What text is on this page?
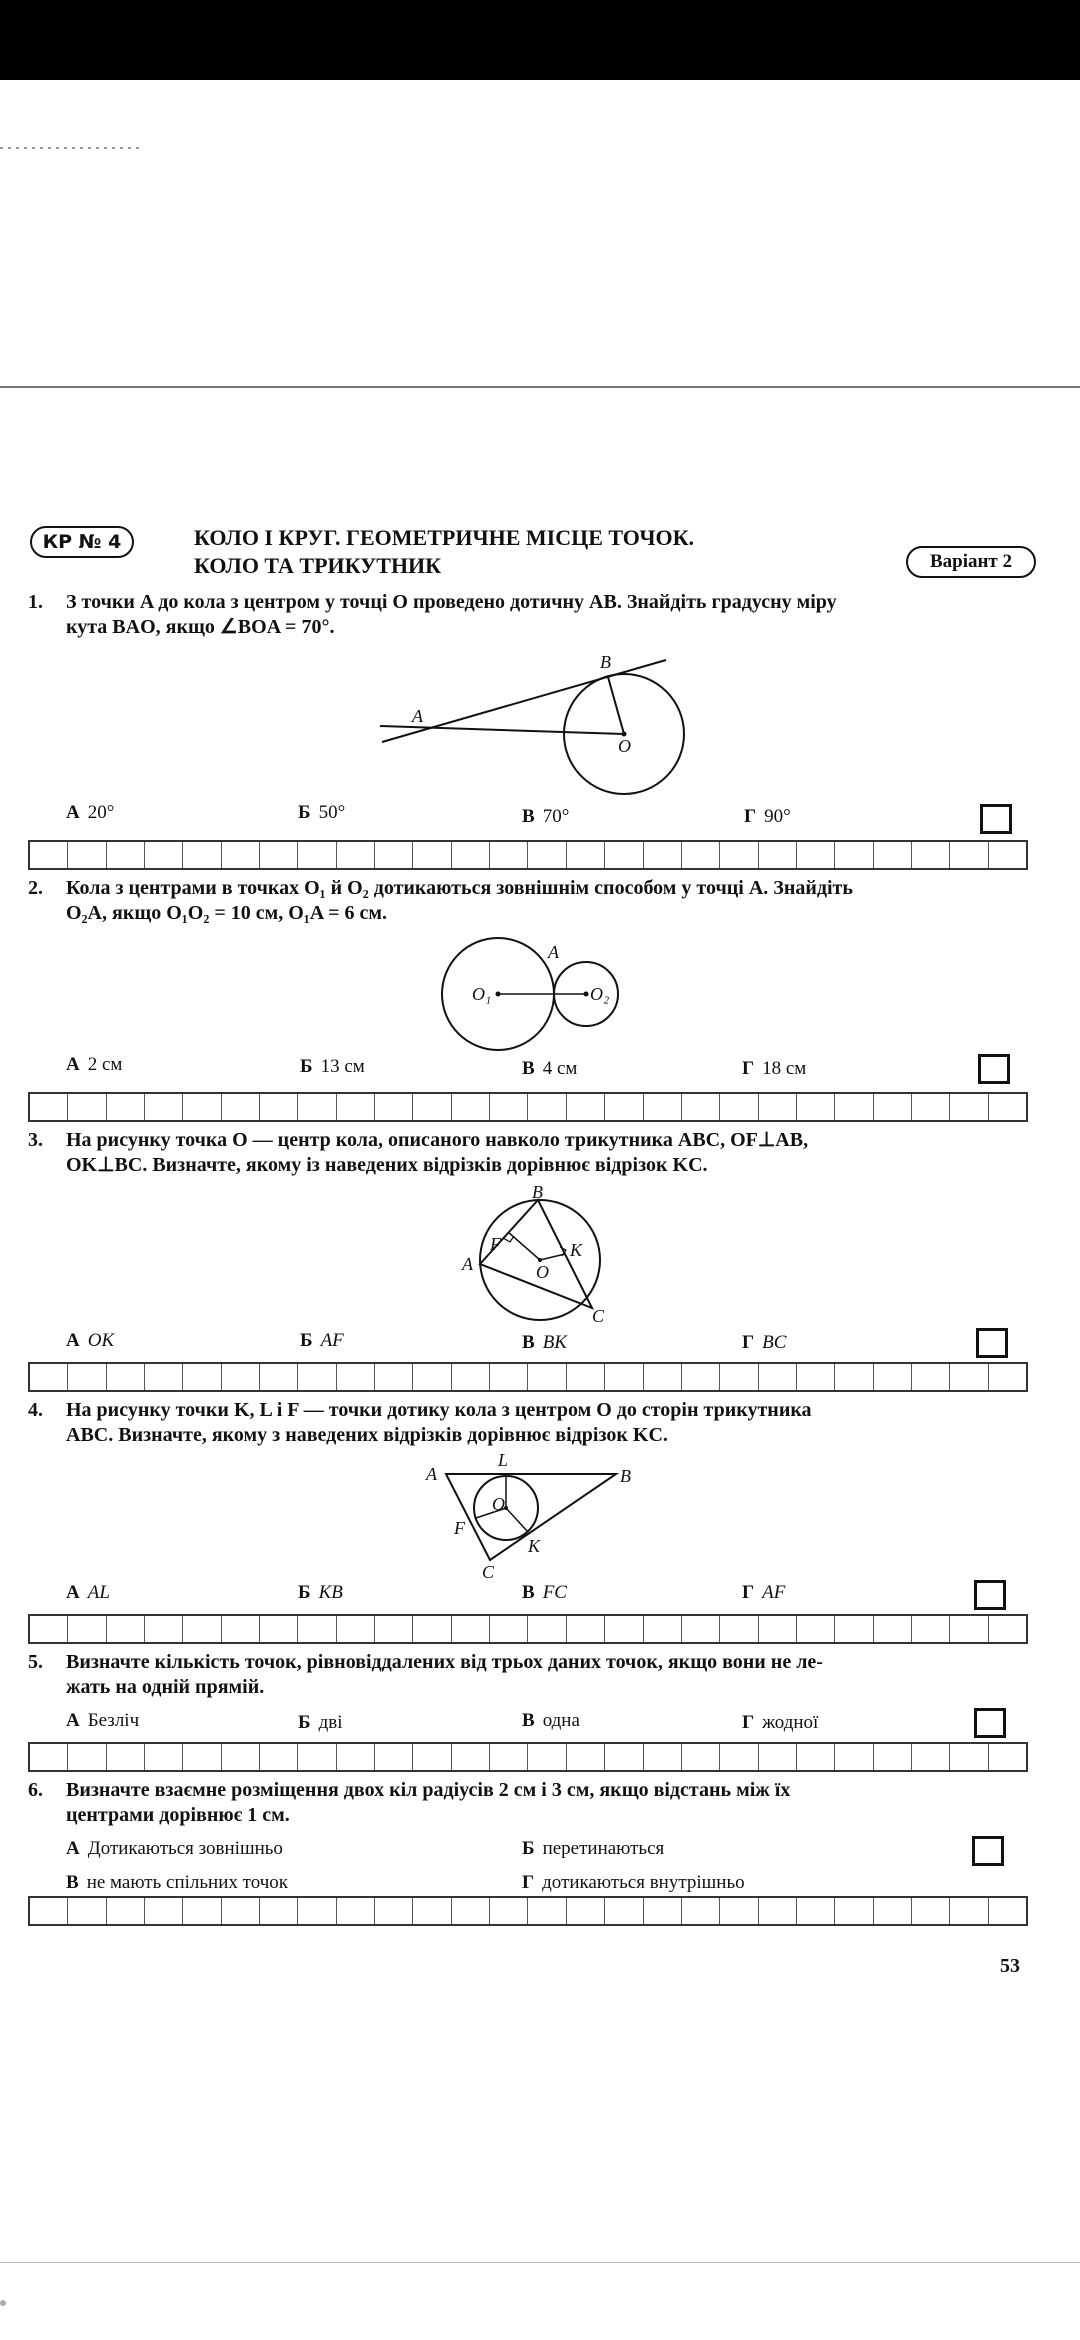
КР № 4	КОЛО І КРУГ. ГЕОМЕТРИЧНЕ МІСЦЕ ТОЧОК.
КОЛО ТА ТРИКУТНИК	Варіант 2
1. З точки A до кола з центром у точці O проведено дотичну AB. Знайдіть градусну міру
кута BAO, якщо ∠BOA = 70°.
A
B
O
А 20°	Б 50°	В 70°	Г 90°
2. Кола з центрами в точках O₁ й O₂ дотикаються зовнішнім способом у точці A. Знайдіть
O₂A, якщо O₁O₂ = 10 см, O₁A = 6 см.
A
O₁	O₂
А 2 см	Б 13 см	В 4 см	Г 18 см
3. На рисунку точка O — центр кола, описаного навколо трикутника ABC, OF⊥AB,
OK⊥BC. Визначте, якому із наведених відрізків дорівнює відрізок KC.
B
A
F	K
O
C
А OK	Б AF	В BK	Г BC
4. На рисунку точки K, L і F — точки дотику кола з центром O до сторін трикутника
ABC. Визначте, якому з наведених відрізків дорівнює відрізок KC.
A
L
B
O
F
K
C
А AL	Б KB	В FC	Г AF
5. Визначте кількість точок, рівновіддалених від трьох даних точок, якщо вони не ле-
жать на одній прямій.
А Безліч	Б дві	В одна	Г жодної
6. Визначте взаємне розміщення двох кіл радіусів 2 см і 3 см, якщо відстань між їх
центрами дорівнює 1 см.
А Дотикаються зовнішньо	Б перетинаються
В не мають спільних точок	Г дотикаються внутрішньо
53
